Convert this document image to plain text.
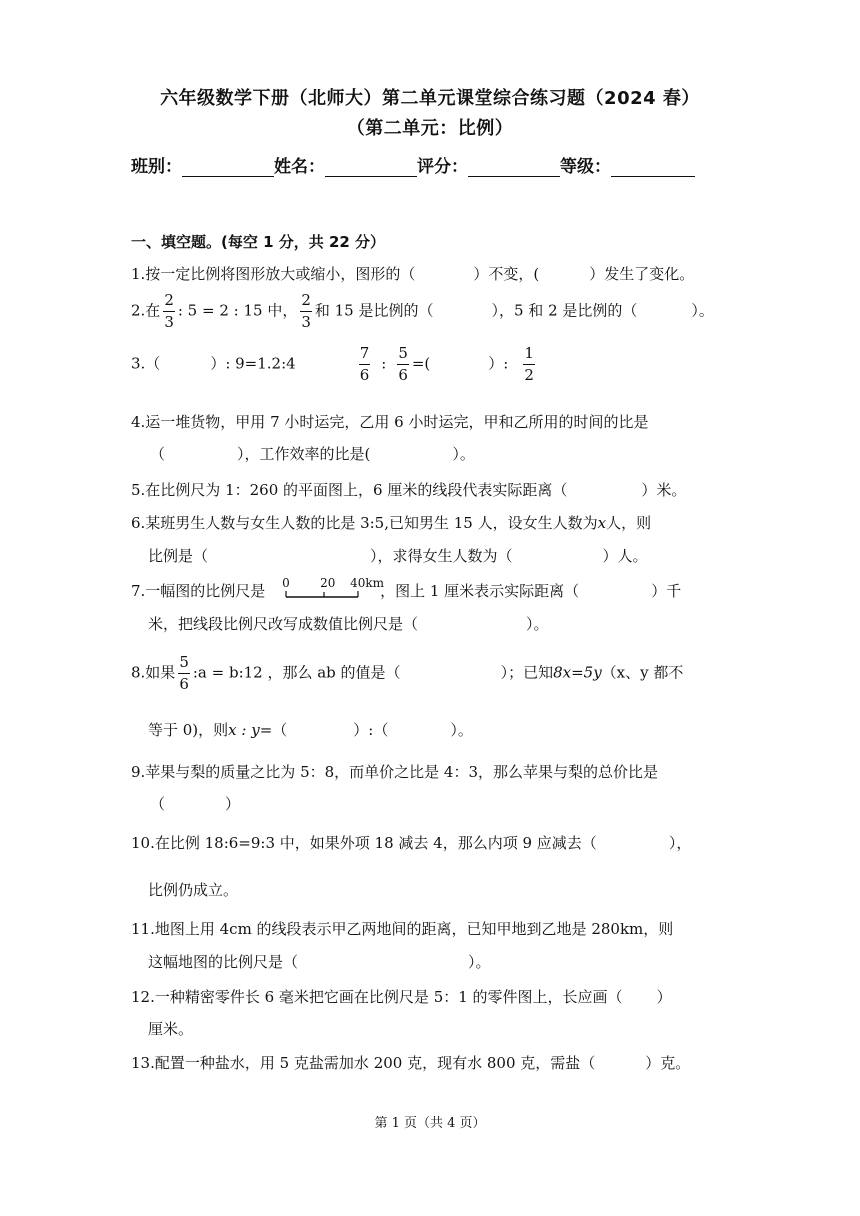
六年级数学下册（北师大）第二单元课堂综合练习题（2024 春）
（第二单元：比例）
班别：	姓名：	评分：	等级：
一、填空题。(每空 1 分，共 22 分）
1.按一定比例将图形放大或缩小，图形的（	）不变，(	）发生了变化。
2.在 $\frac{2}{3}$ : 5 = 2 : 15 中， $\frac{2}{3}$ 和 15 是比例的（	），5 和 2 是比例的（	）。
3.（	）: 9=1.2:4	$\frac{7}{6}$ : $\frac{5}{6}$ =(	）: $\frac{1}{2}$
4.运一堆货物，甲用 7 小时运完，乙用 6 小时运完，甲和乙所用的时间的比是
（	），工作效率的比是(	）。
5.在比例尺为 1：260 的平面图上，6 厘米的线段代表实际距离（	）米。
6.某班男生人数与女生人数的比是 3:5,已知男生 15 人，设女生人数为x人，则
比例是（	），求得女生人数为（	）人。
7.一幅图的比例尺是 0	20 40km
，图上 1 厘米表示实际距离（	）千
米，把线段比例尺改写成数值比例尺是（	）。
8.如果 $\frac{5}{6}$ :a = b:12 ，那么 ab 的值是（	）；已知8x=5y（x、y 都不
等于 0)，则x : y=（	）:（	）。
9.苹果与梨的质量之比为 5：8，而单价之比是 4：3，那么苹果与梨的总价比是
（	）
10.在比例 18:6=9:3 中，如果外项 18 减去 4，那么内项 9 应减去（	），
比例仍成立。
11.地图上用 4cm 的线段表示甲乙两地间的距离，已知甲地到乙地是 280km，则
这幅地图的比例尺是（	）。
12.一种精密零件长 6 毫米把它画在比例尺是 5：1 的零件图上，长应画（ ）
厘米。
13.配置一种盐水，用 5 克盐需加水 200 克，现有水 800 克，需盐（	）克。
第 1 页（共 4 页）
